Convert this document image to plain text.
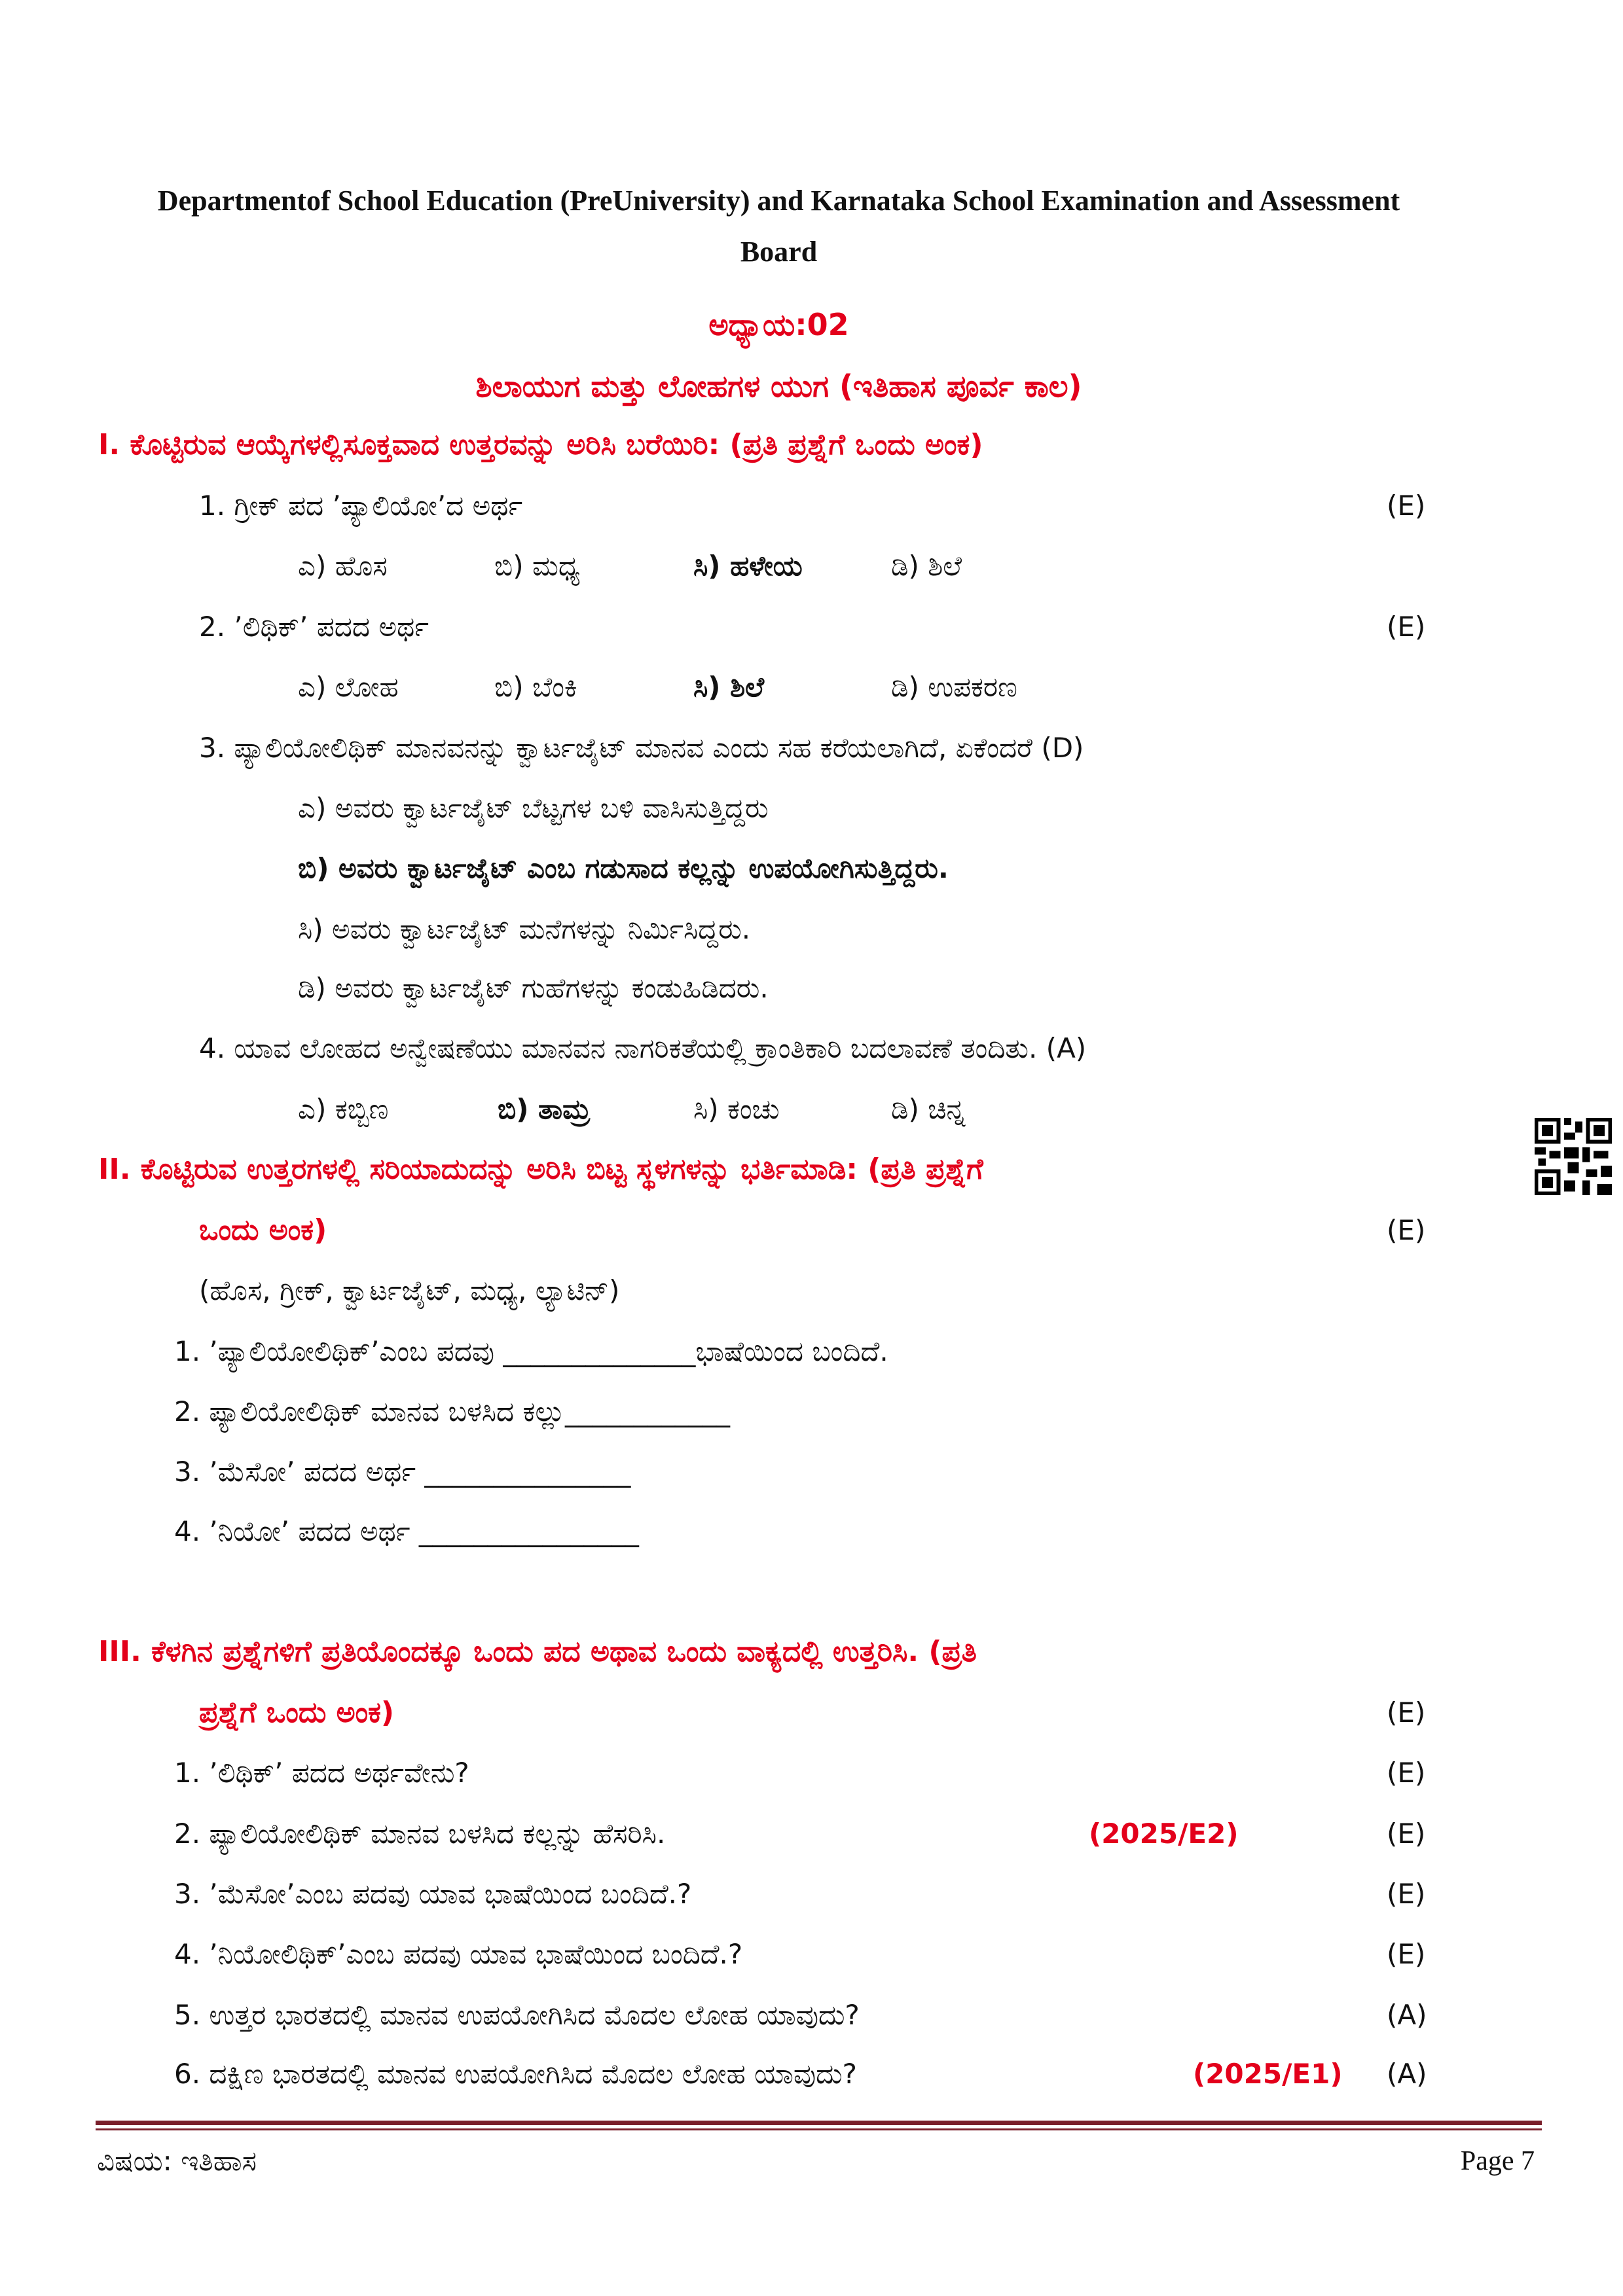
Departmentof School Education (PreUniversity) and Karnataka School Examination and Assessment
Board
ಅಧ್ಯಾಯ:02
ಶಿಲಾಯುಗ ಮತ್ತು ಲೋಹಗಳ ಯುಗ (ಇತಿಹಾಸ ಪೂರ್ವ ಕಾಲ)
I. ಕೊಟ್ಟಿರುವ ಆಯ್ಕೆಗಳಲ್ಲಿಸೂಕ್ತವಾದ ಉತ್ತರವನ್ನು ಅರಿಸಿ ಬರೆಯಿರಿ: (ಪ್ರತಿ ಪ್ರಶ್ನೆಗೆ ಒಂದು ಅಂಕ)
1. ಗ್ರೀಕ್ ಪದ ’ಪ್ಯಾಲಿಯೋ’ದ ಅರ್ಥ	(E)
ಎ) ಹೊಸ	ಬಿ) ಮಧ್ಯ	ಸಿ) ಹಳೇಯ	ಡಿ) ಶಿಲೆ
2. ’ಲಿಥಿಕ್’ ಪದದ ಅರ್ಥ	(E)
ಎ) ಲೋಹ	ಬಿ) ಬೆಂಕಿ	ಸಿ) ಶಿಲೆ	ಡಿ) ಉಪಕರಣ
3. ಪ್ಯಾಲಿಯೋಲಿಥಿಕ್ ಮಾನವನನ್ನು ಕ್ವಾರ್ಟಜೈಟ್ ಮಾನವ ಎಂದು ಸಹ ಕರೆಯಲಾಗಿದೆ, ಏಕೆಂದರೆ (D)
ಎ) ಅವರು ಕ್ವಾರ್ಟಜೈಟ್ ಬೆಟ್ಟಗಳ ಬಳಿ ವಾಸಿಸುತ್ತಿದ್ದರು
ಬಿ) ಅವರು ಕ್ವಾರ್ಟಜೈಟ್ ಎಂಬ ಗಡುಸಾದ ಕಲ್ಲನ್ನು ಉಪಯೋಗಿಸುತ್ತಿದ್ದರು.
ಸಿ) ಅವರು ಕ್ವಾರ್ಟಜೈಟ್ ಮನೆಗಳನ್ನು ನಿರ್ಮಿಸಿದ್ದರು.
ಡಿ) ಅವರು ಕ್ವಾರ್ಟಜೈಟ್ ಗುಹೆಗಳನ್ನು ಕಂಡುಹಿಡಿದರು.
4. ಯಾವ ಲೋಹದ ಅನ್ವೇಷಣೆಯು ಮಾನವನ ನಾಗರಿಕತೆಯಲ್ಲಿ ಕ್ರಾಂತಿಕಾರಿ ಬದಲಾವಣೆ ತಂದಿತು. (A)
ಎ) ಕಬ್ಬಿಣ	ಬಿ) ತಾಮ್ರ	ಸಿ) ಕಂಚು	ಡಿ) ಚಿನ್ನ
II. ಕೊಟ್ಟಿರುವ ಉತ್ತರಗಳಲ್ಲಿ ಸರಿಯಾದುದನ್ನು ಅರಿಸಿ ಬಿಟ್ಟ ಸ್ಥಳಗಳನ್ನು ಭರ್ತಿಮಾಡಿ: (ಪ್ರತಿ ಪ್ರಶ್ನೆಗೆ
ಒಂದು ಅಂಕ)	(E)
(ಹೊಸ, ಗ್ರೀಕ್, ಕ್ವಾರ್ಟಜೈಟ್, ಮಧ್ಯ, ಲ್ಯಾಟಿನ್)
1. ’ಪ್ಯಾಲಿಯೋಲಿಥಿಕ್’ಎಂಬ ಪದವು ______________ಭಾಷೆಯಿಂದ ಬಂದಿದೆ.
2. ಪ್ಯಾಲಿಯೋಲಿಥಿಕ್ ಮಾನವ ಬಳಸಿದ ಕಲ್ಲು____________
3. ’ಮೆಸೋ’ ಪದದ ಅರ್ಥ _______________
4. ’ನಿಯೋ’ ಪದದ ಅರ್ಥ ________________
III. ಕೆಳಗಿನ ಪ್ರಶ್ನೆಗಳಿಗೆ ಪ್ರತಿಯೊಂದಕ್ಕೂ ಒಂದು ಪದ ಅಥಾವ ಒಂದು ವಾಕ್ಯದಲ್ಲಿ ಉತ್ತರಿಸಿ. (ಪ್ರತಿ
ಪ್ರಶ್ನೆಗೆ ಒಂದು ಅಂಕ)	(E)
1. ’ಲಿಥಿಕ್’ ಪದದ ಅರ್ಥವೇನು?	(E)
2. ಪ್ಯಾಲಿಯೋಲಿಥಿಕ್ ಮಾನವ ಬಳಸಿದ ಕಲ್ಲನ್ನು ಹೆಸರಿಸಿ.	(2025/E2)	(E)
3. ’ಮೆಸೋ’ಎಂಬ ಪದವು ಯಾವ ಭಾಷೆಯಿಂದ ಬಂದಿದೆ.?	(E)
4. ’ನಿಯೋಲಿಥಿಕ್’ಎಂಬ ಪದವು ಯಾವ ಭಾಷೆಯಿಂದ ಬಂದಿದೆ.?	(E)
5. ಉತ್ತರ ಭಾರತದಲ್ಲಿ ಮಾನವ ಉಪಯೋಗಿಸಿದ ಮೊದಲ ಲೋಹ ಯಾವುದು?	(A)
6. ದಕ್ಷಿಣ ಭಾರತದಲ್ಲಿ ಮಾನವ ಉಪಯೋಗಿಸಿದ ಮೊದಲ ಲೋಹ ಯಾವುದು?	(2025/E1) (A)
ವಿಷಯ: ಇತಿಹಾಸ	Page 7
